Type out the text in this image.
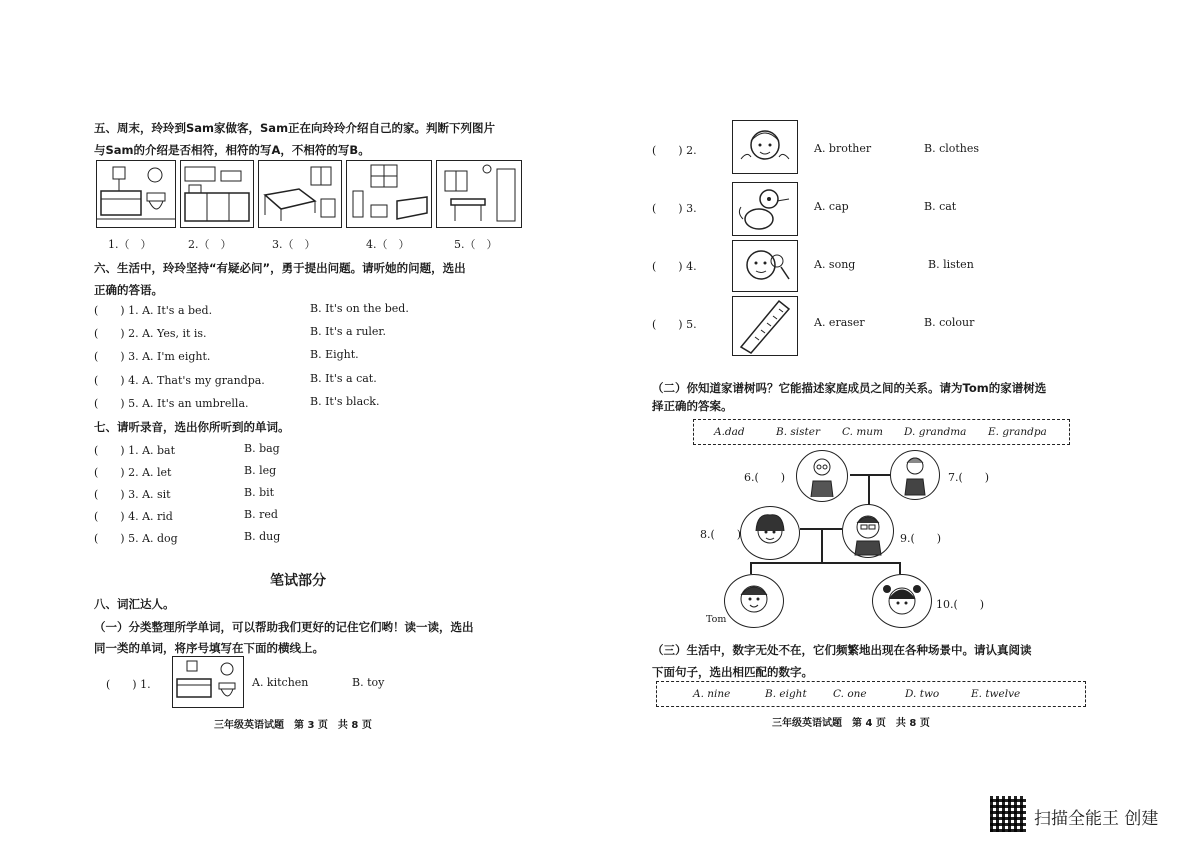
五、周末，玲玲到Sam家做客，Sam正在向玲玲介绍自己的家。判断下列图片
与Sam的介绍是否相符，相符的写A，不相符的写B。
1.（　）	2.（　）	3.（　）	4.（　）	5.（　）
六、生活中，玲玲坚持“有疑必问”，勇于提出问题。请听她的问题，选出
正确的答语。
(　　) 1. A. It's a bed.	B. It's on the bed.
(　　) 2. A. Yes, it is.	B. It's a ruler.
(　　) 3. A. I'm eight.	B. Eight.
(　　) 4. A. That's my grandpa.	B. It's a cat.
(　　) 5. A. It's an umbrella.	B. It's black.
七、请听录音，选出你所听到的单词。
(　　) 1. A. bat	B. bag
(　　) 2. A. let	B. leg
(　　) 3. A. sit	B. bit
(　　) 4. A. rid	B. red
(　　) 5. A. dog	B. dug
笔试部分
八、词汇达人。
（一）分类整理所学单词，可以帮助我们更好的记住它们哟！读一读，选出
同一类的单词，将序号填写在下面的横线上。
(　　) 1.	A. kitchen	B. toy
三年级英语试题　第 3 页　共 8 页
(　　) 2.	A. brother	B. clothes
(　　) 3.	A. cap	B. cat
(　　) 4.	A. song	B. listen
(　　) 5.	A. eraser	B. colour
（二）你知道家谱树吗？它能描述家庭成员之间的关系。请为Tom的家谱树选
择正确的答案。
A.dad	B. sister C. mum D. grandma E. grandpa
6.(　　)	7.(　　)
8.(　　)	9.(　　)
10.(　　)
Tom
（三）生活中，数字无处不在，它们频繁地出现在各种场景中。请认真阅读
下面句子，选出相匹配的数字。
A. nine	B. eight	C. one	D. two	E. twelve
三年级英语试题　第 4 页　共 8 页
扫描全能王 创建
